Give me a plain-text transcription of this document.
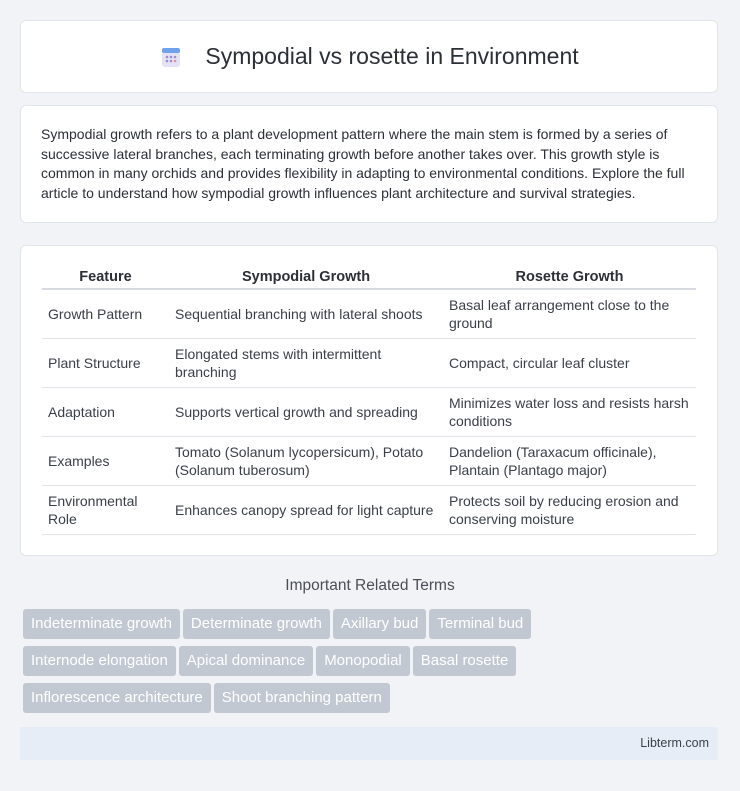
Sympodial vs rosette in Environment

Sympodial growth refers to a plant development pattern where the main stem is formed by a series of successive lateral branches, each terminating growth before another takes over. This growth style is common in many orchids and provides flexibility in adapting to environmental conditions. Explore the full article to understand how sympodial growth influences plant architecture and survival strategies.

Feature	Sympodial Growth	Rosette Growth
Growth Pattern	Sequential branching with lateral shoots	Basal leaf arrangement close to the ground
Plant Structure	Elongated stems with intermittent branching	Compact, circular leaf cluster
Adaptation	Supports vertical growth and spreading	Minimizes water loss and resists harsh conditions
Examples	Tomato (Solanum lycopersicum), Potato (Solanum tuberosum)	Dandelion (Taraxacum officinale), Plantain (Plantago major)
Environmental Role	Enhances canopy spread for light capture	Protects soil by reducing erosion and conserving moisture
Important Related Terms
Indeterminate growth Determinate growth Axillary bud Terminal bud
Internode elongation Apical dominance Monopodial Basal rosette
Inflorescence architecture Shoot branching pattern
Libterm.com
